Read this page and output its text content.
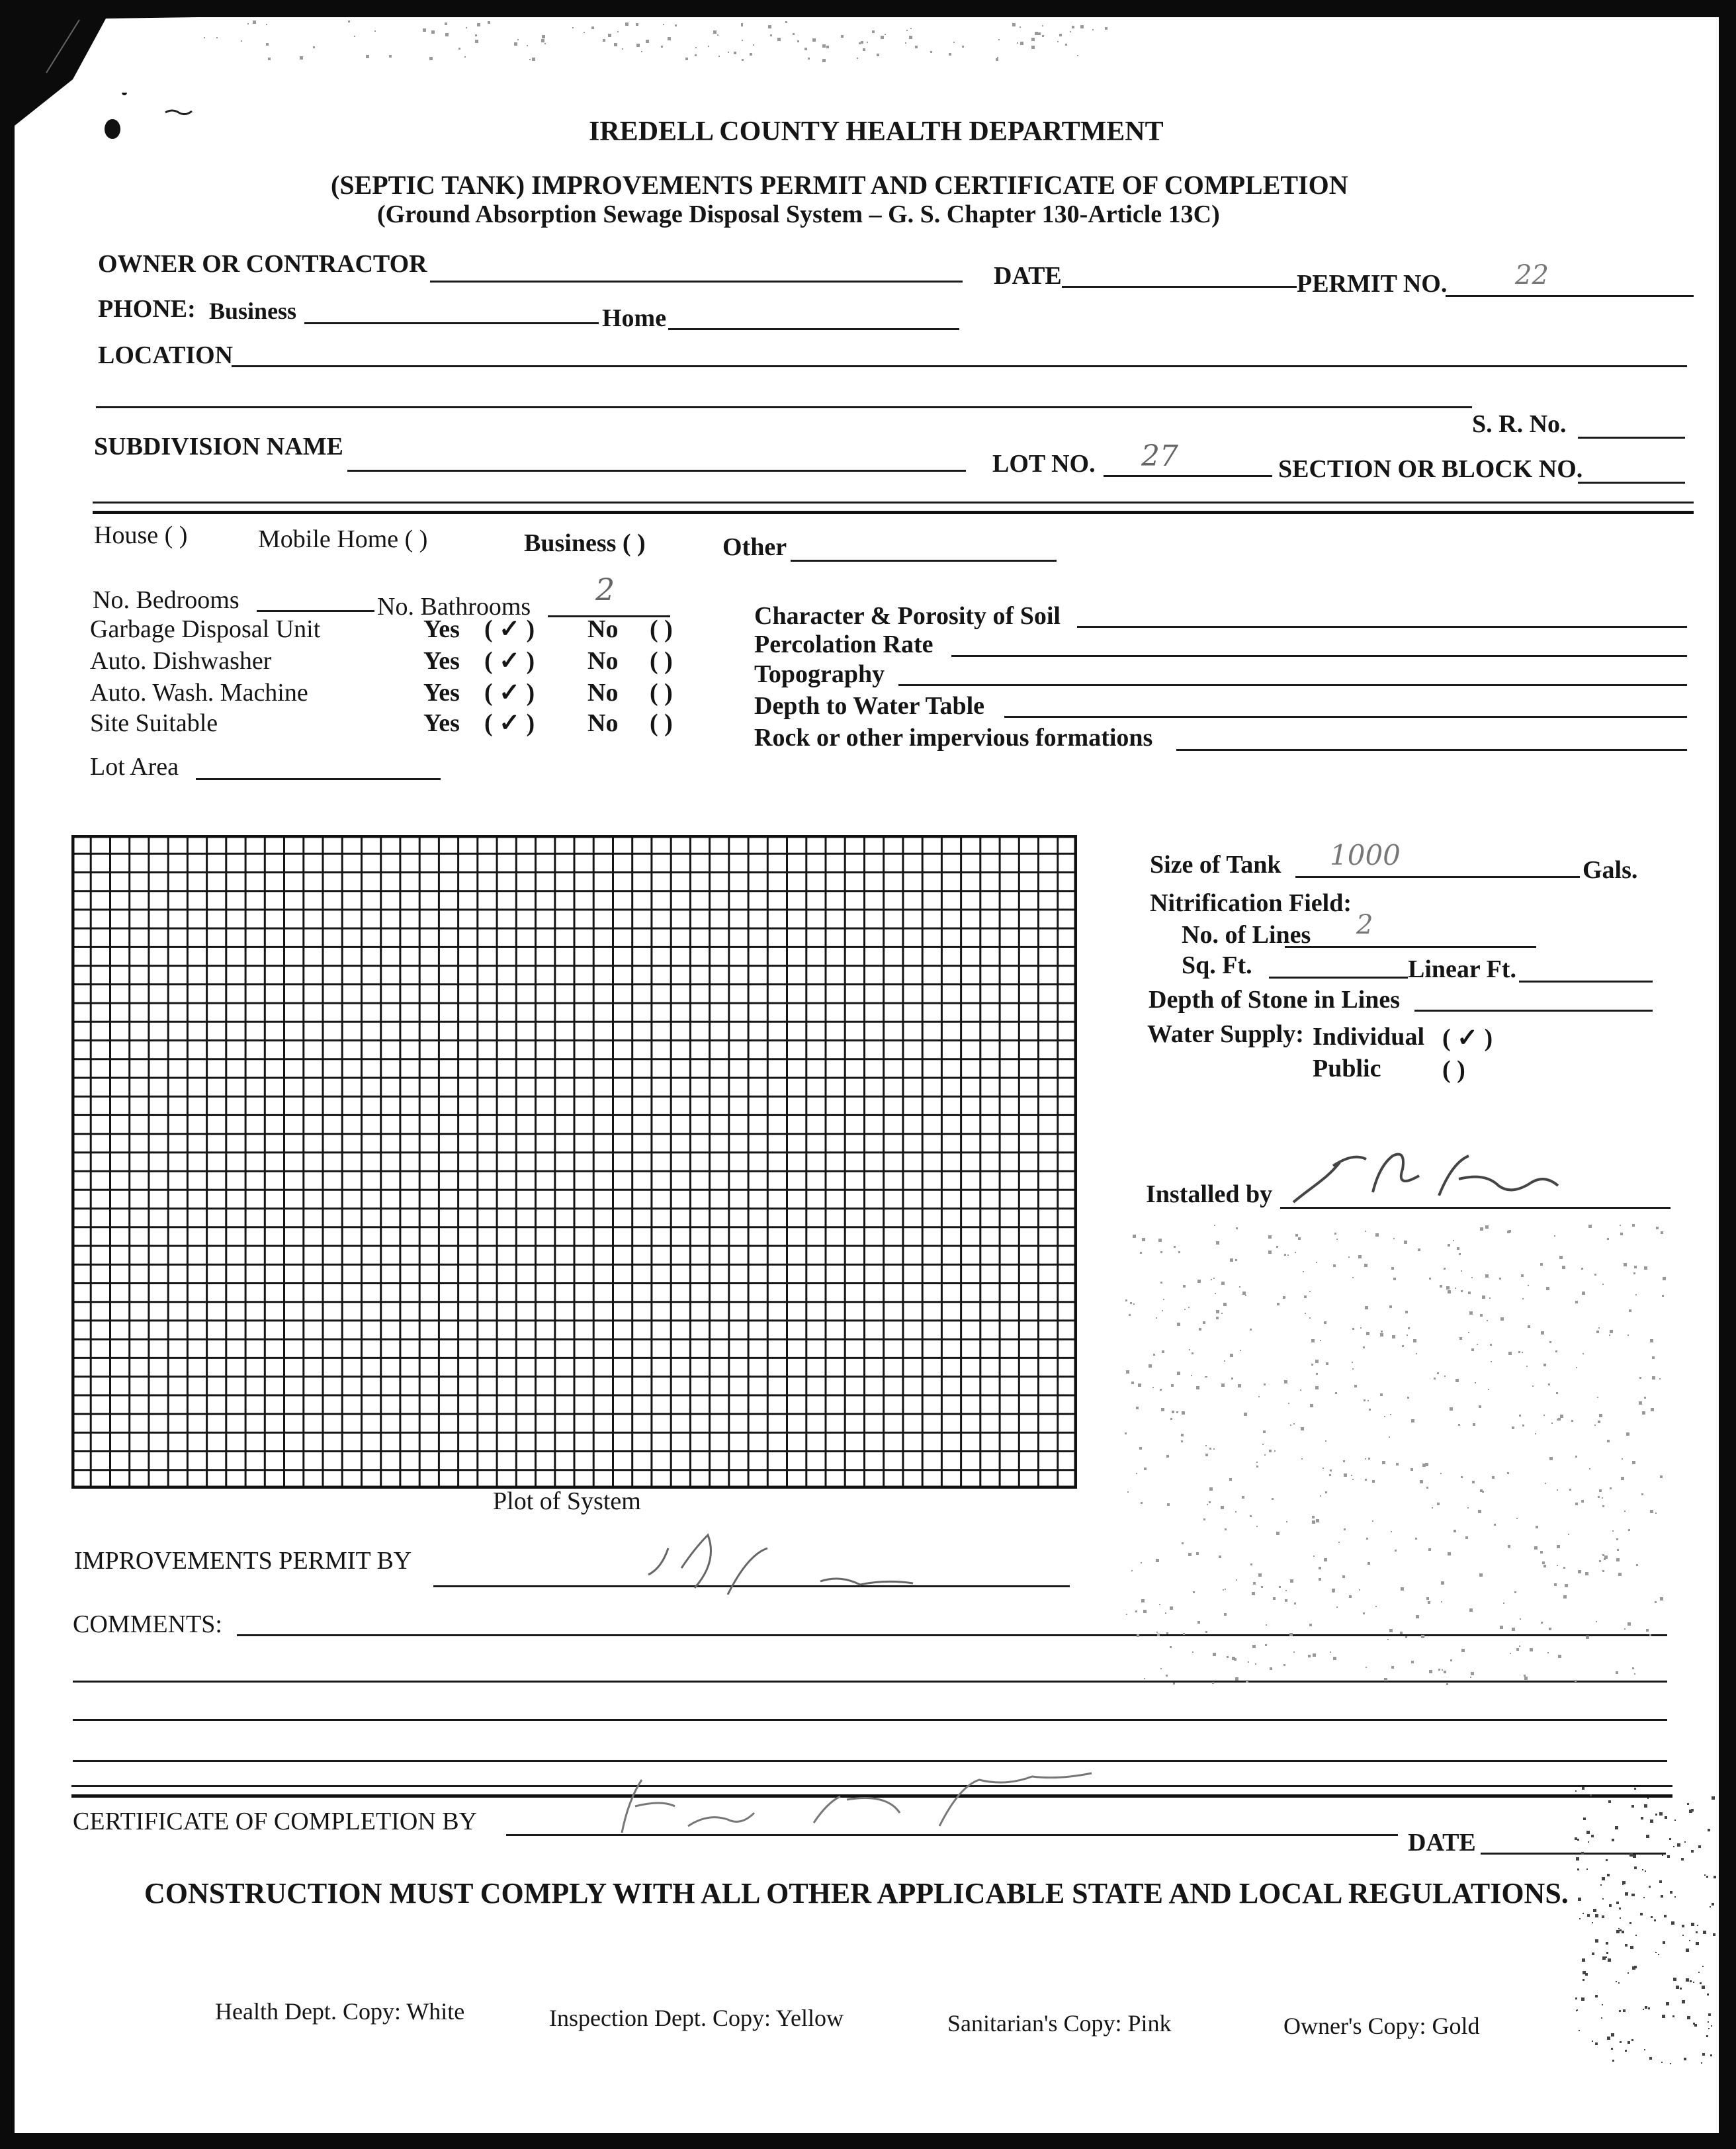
IREDELL COUNTY HEALTH DEPARTMENT
(SEPTIC TANK) IMPROVEMENTS PERMIT AND CERTIFICATE OF COMPLETION
(Ground Absorption Sewage Disposal System – G. S. Chapter 130-Article 13C)
OWNER OR CONTRACTOR	DATE	PERMIT NO.	22
PHONE: Business	Home
LOCATION
S. R. No.
SUBDIVISION NAME
LOT NO. 27	SECTION OR BLOCK NO.
House ( )	Mobile Home ( )	Business ( )	Other
No. Bedrooms	No. Bathrooms 2
Garbage Disposal Unit	Yes ( ✓ ) No ( )
Auto. Dishwasher	Yes ( ✓ ) No ( )
Auto. Wash. Machine	Yes ( ✓ ) No ( )
Site Suitable	Yes ( ✓ ) No ( )
Lot Area
Character & Porosity of Soil
Percolation Rate
Topography
Depth to Water Table
Rock or other impervious formations
Plot of System
Size of Tank 1000	Gals.
Nitrification Field:
No. of Lines 2
Sq. Ft.	Linear Ft.
Depth of Stone in Lines
Water Supply: Individual ( ✓ )
Public ( )
Installed by
IMPROVEMENTS PERMIT BY
COMMENTS:
CERTIFICATE OF COMPLETION BY
DATE
CONSTRUCTION MUST COMPLY WITH ALL OTHER APPLICABLE STATE AND LOCAL REGULATIONS.
Health Dept. Copy: White	Inspection Dept. Copy: Yellow	Sanitarian's Copy: Pink	Owner's Copy: Gold
